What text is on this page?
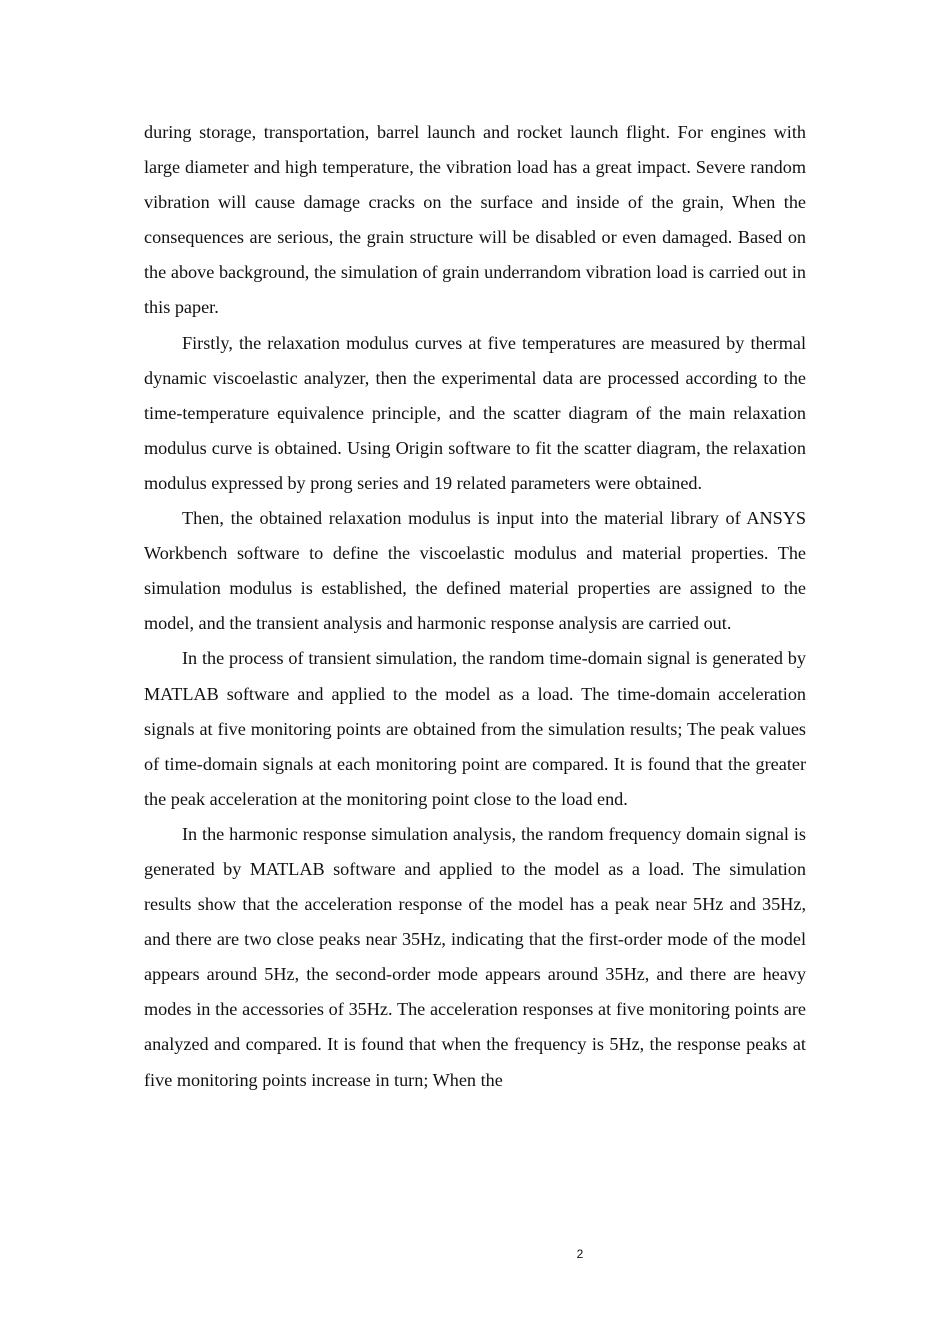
during storage, transportation, barrel launch and rocket launch flight. For engines with large diameter and high temperature, the vibration load has a great impact. Severe random vibration will cause damage cracks on the surface and inside of the grain, When the consequences are serious, the grain structure will be disabled or even damaged. Based on the above background, the simulation of grain underrandom vibration load is carried out in this paper.

Firstly, the relaxation modulus curves at five temperatures are measured by thermal dynamic viscoelastic analyzer, then the experimental data are processed according to the time-temperature equivalence principle, and the scatter diagram of the main relaxation modulus curve is obtained. Using Origin software to fit the scatter diagram, the relaxation modulus expressed by prong series and 19 related parameters were obtained.

Then, the obtained relaxation modulus is input into the material library of ANSYS Workbench software to define the viscoelastic modulus and material properties. The simulation modulus is established, the defined material properties are assigned to the model, and the transient analysis and harmonic response analysis are carried out.

In the process of transient simulation, the random time-domain signal is generated by MATLAB software and applied to the model as a load. The time-domain acceleration signals at five monitoring points are obtained from the simulation results; The peak values of time-domain signals at each monitoring point are compared. It is found that the greater the peak acceleration at the monitoring point close to the load end.

In the harmonic response simulation analysis, the random frequency domain signal is generated by MATLAB software and applied to the model as a load. The simulation results show that the acceleration response of the model has a peak near 5Hz and 35Hz, and there are two close peaks near 35Hz, indicating that the first-order mode of the model appears around 5Hz, the second-order mode appears around 35Hz, and there are heavy modes in the accessories of 35Hz. The acceleration responses at five monitoring points are analyzed and compared. It is found that when the frequency is 5Hz, the response peaks at five monitoring points increase in turn; When the

2
